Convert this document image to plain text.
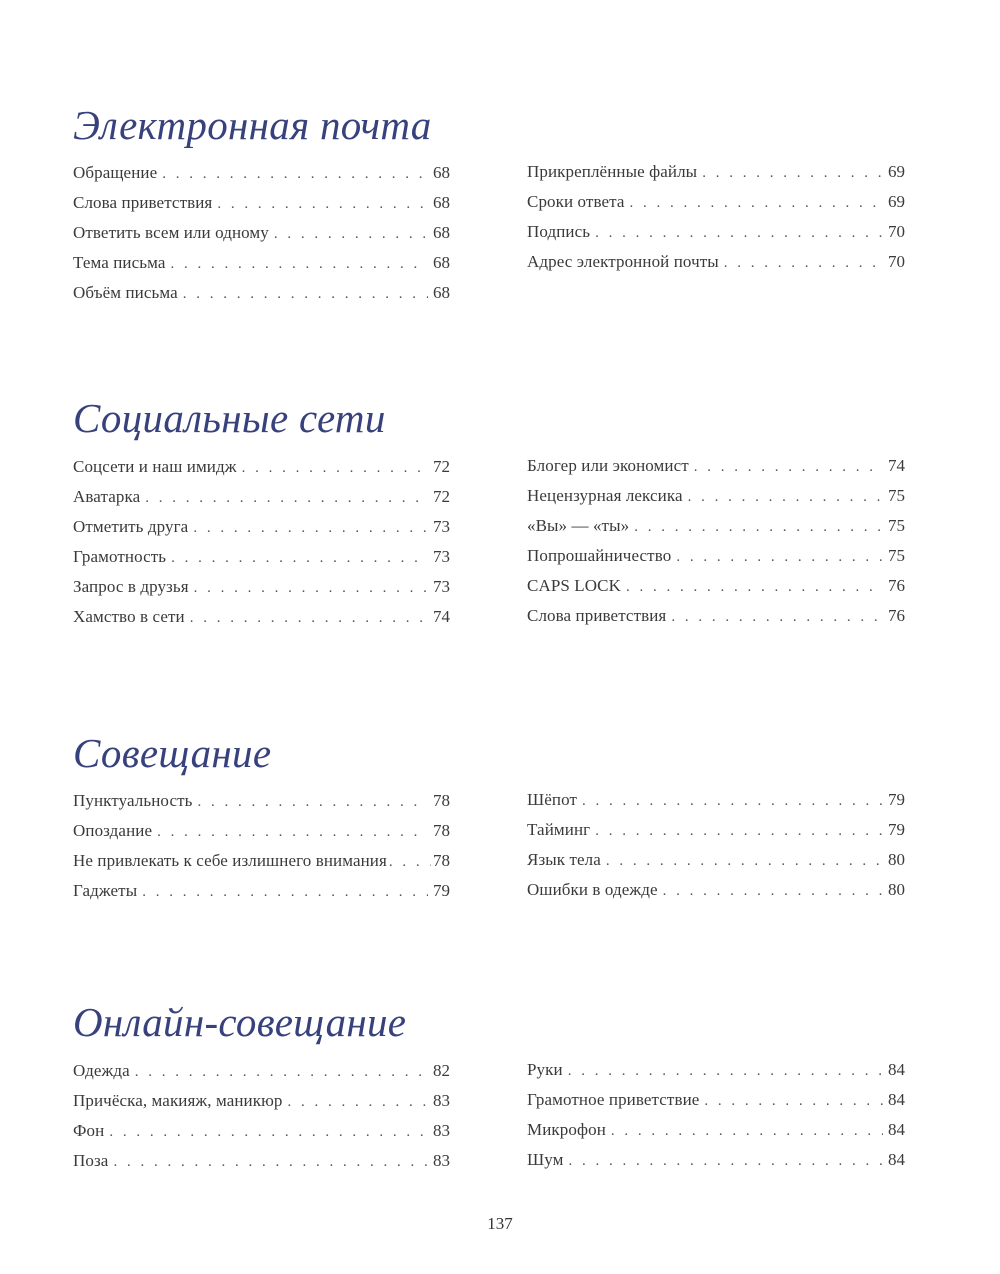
Электронная почта
Обращение . . .	68
Слова приветствия . . .	68
Ответить всем или одному . . .	68
Тема письма . . .	68
Объём письма . . .	68
Прикреплённые файлы . . .	69
Сроки ответа . . .	69
Подпись . . .	70
Адрес электронной почты . . .	70
Социальные сети
Соцсети и наш имидж . . .	72
Аватарка . . .	72
Отметить друга . . .	73
Грамотность . . .	73
Запрос в друзья . . .	73
Хамство в сети . . .	74
Блогер или экономист . . .	74
Нецензурная лексика . . .	75
«Вы» — «ты» . . .	75
Попрошайничество . . .	75
CAPS LOCK . . .	76
Слова приветствия . . .	76
Совещание
Пунктуальность . . .	78
Опоздание . . .	78
Не привлекать к себе излишнего внимания . . .	78
Гаджеты . . .	79
Шёпот . . .	79
Тайминг . . .	79
Язык тела . . .	80
Ошибки в одежде . . .	80
Онлайн-совещание
Одежда . . .	82
Причёска, макияж, маникюр . . .	83
Фон . . .	83
Поза . . .	83
Руки . . .	84
Грамотное приветствие . . .	84
Микрофон . . .	84
Шум . . .	84
137
